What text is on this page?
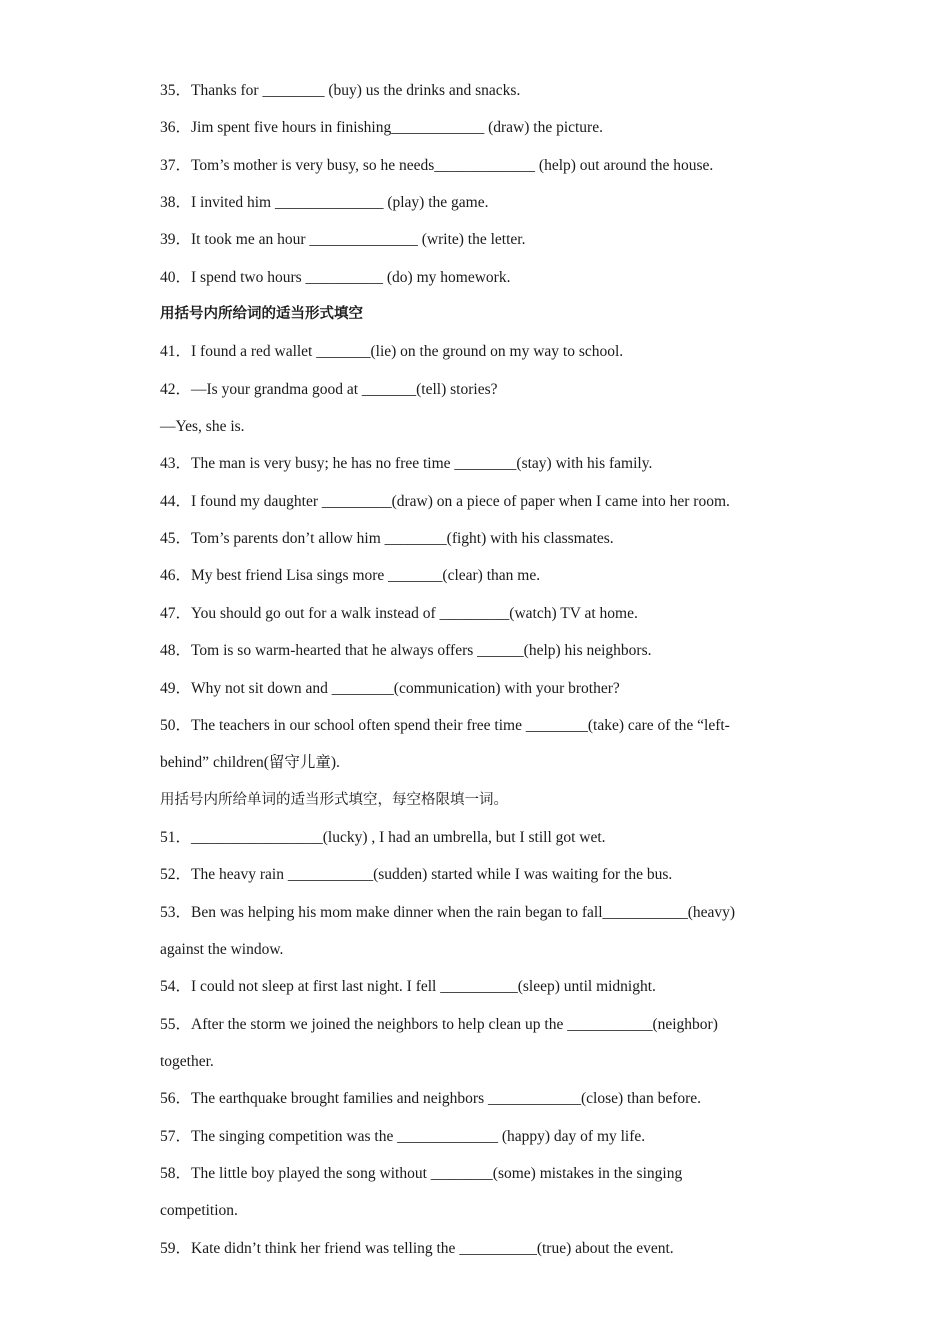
35．Thanks for ________ (buy) us the drinks and snacks.
36．Jim spent five hours in finishing____________ (draw) the picture.
37．Tom’s mother is very busy, so he needs_____________ (help) out around the house.
38．I invited him ______________ (play) the game.
39．It took me an hour ______________ (write) the letter.
40．I spend two hours __________ (do) my homework.
用括号内所给词的适当形式填空
41．I found a red wallet _______(lie) on the ground on my way to school.
42．—Is your grandma good at _______(tell) stories?
—Yes, she is.
43．The man is very busy; he has no free time ________(stay) with his family.
44．I found my daughter _________(draw) on a piece of paper when I came into her room.
45．Tom’s parents don’t allow him ________(fight) with his classmates.
46．My best friend Lisa sings more _______(clear) than me.
47．You should go out for a walk instead of _________(watch) TV at home.
48．Tom is so warm-hearted that he always offers ______(help) his neighbors.
49．Why not sit down and ________(communication) with your brother?
50．The teachers in our school often spend their free time ________(take) care of the “left-
behind” children(留守儿童).
用括号内所给单词的适当形式填空，每空格限填一词。
51．_________________(lucky) , I had an umbrella, but I still got wet.
52．The heavy rain ___________(sudden) started while I was waiting for the bus.
53．Ben was helping his mom make dinner when the rain began to fall___________(heavy)
against the window.
54．I could not sleep at first last night. I fell __________(sleep) until midnight.
55．After the storm we joined the neighbors to help clean up the ___________(neighbor)
together.
56．The earthquake brought families and neighbors ____________(close) than before.
57．The singing competition was the _____________ (happy) day of my life.
58．The little boy played the song without ________(some) mistakes in the singing
competition.
59．Kate didn’t think her friend was telling the __________(true) about the event.
